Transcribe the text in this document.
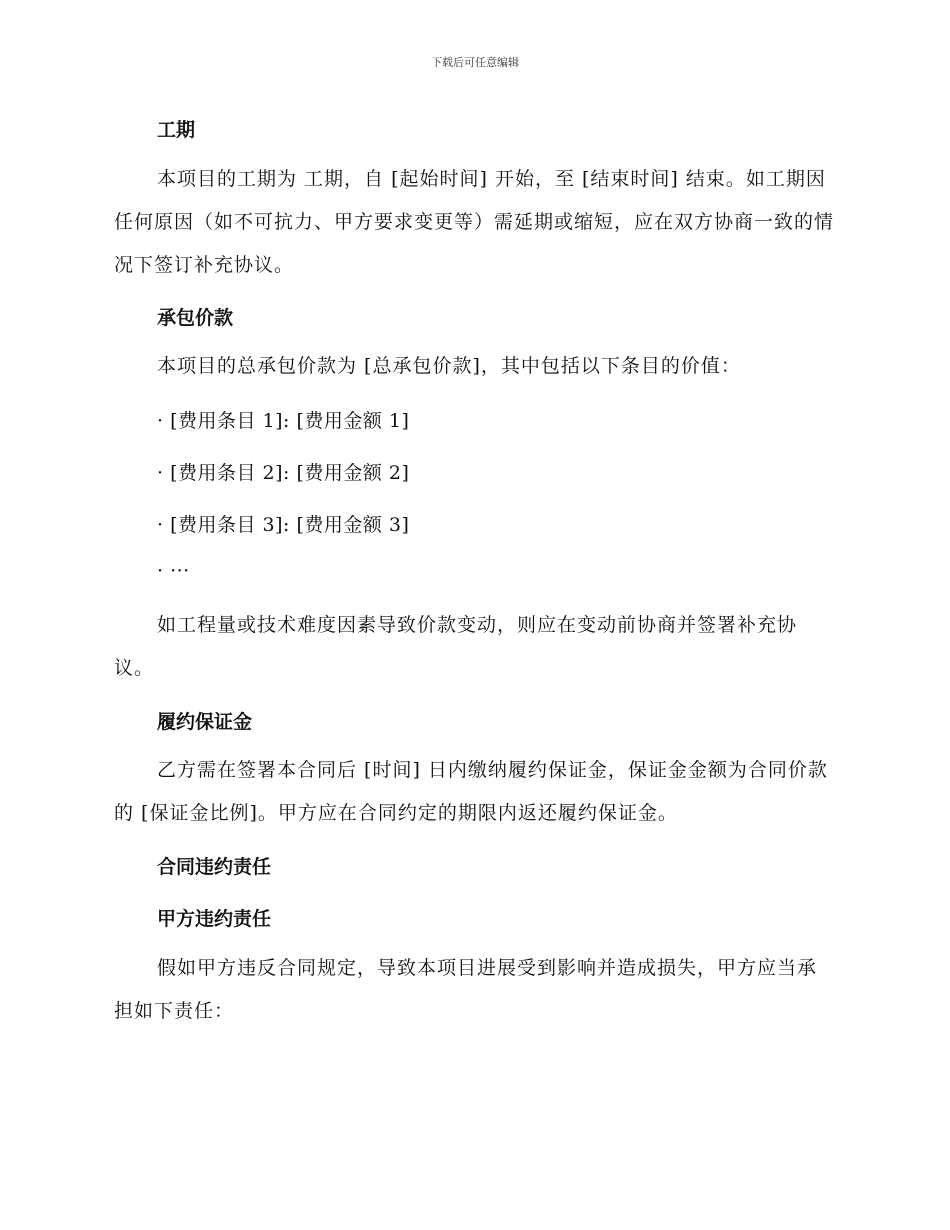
下载后可任意编辑
工期
本项目的工期为 工期，自 [起始时间] 开始，至 [结束时间] 结束。如工期因任何原因（如不可抗力、甲方要求变更等）需延期或缩短，应在双方协商一致的情况下签订补充协议。
承包价款
本项目的总承包价款为 [总承包价款]，其中包括以下条目的价值：
· [费用条目 1]: [费用金额 1]
· [费用条目 2]: [费用金额 2]
· [费用条目 3]: [费用金额 3]
· ···
如工程量或技术难度因素导致价款变动，则应在变动前协商并签署补充协议。
履约保证金
乙方需在签署本合同后 [时间] 日内缴纳履约保证金，保证金金额为合同价款的 [保证金比例]。甲方应在合同约定的期限内返还履约保证金。
合同违约责任
甲方违约责任
假如甲方违反合同规定，导致本项目进展受到影响并造成损失，甲方应当承担如下责任：
